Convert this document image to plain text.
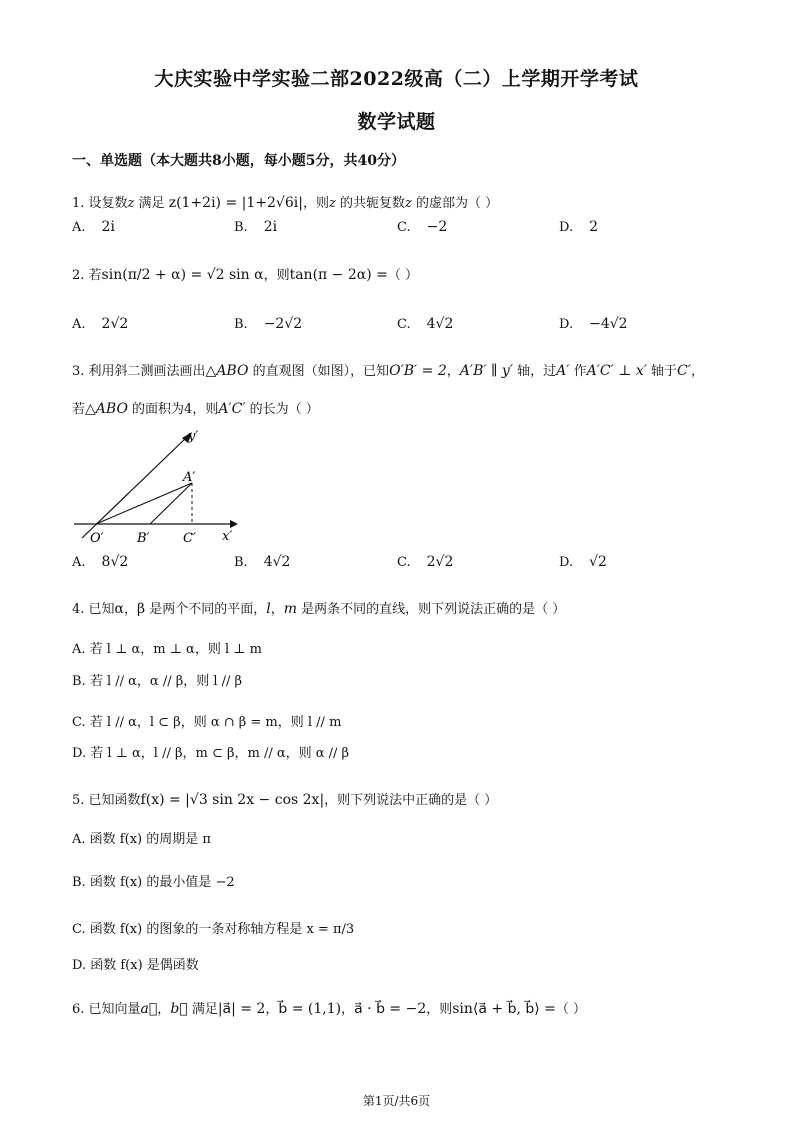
大庆实验中学实验二部2022级高（二）上学期开学考试
数学试题
一、单选题（本大题共8小题，每小题5分，共40分）
1. 设复数z 满足 z(1+2i) = |1+2√6i|，则z 的共轭复数z 的虚部为（ ）
A. 2i	B. 2i	C. −2	D. 2
2. 若sin(π/2 + α) = √2 sin α，则tan(π − 2α) =（ ）
A. 2√2	B. −2√2	C. 4√2	D. −4√2
3. 利用斜二测画法画出△ABO 的直观图（如图），已知O′B′ = 2，A′B′ ∥ y′ 轴，过A′ 作A′C′ ⊥ x′ 轴于C′，
若△ABO 的面积为4，则A′C′ 的长为（ ）
y′
x′
A′
O′	B′	C′
A. 8√2	B. 4√2	C. 2√2	D. √2
4. 已知α，β 是两个不同的平面，l，m 是两条不同的直线，则下列说法正确的是（ ）
A. 若 l ⊥ α，m ⊥ α，则 l ⊥ m
B. 若 l // α，α // β，则 l // β
C. 若 l // α，l ⊂ β，则 α ∩ β = m，则 l // m
D. 若 l ⊥ α，l // β，m ⊂ β，m // α，则 α // β
5. 已知函数f(x) = |√3 sin 2x − cos 2x|，则下列说法中正确的是（ ）
A. 函数 f(x) 的周期是 π
B. 函数 f(x) 的最小值是 −2
C. 函数 f(x) 的图象的一条对称轴方程是 x = π/3
D. 函数 f(x) 是偶函数
6. 已知向量a⃗，b⃗ 满足|a⃗| = 2，b⃗ = (1,1)，a⃗ · b⃗ = −2，则sin⟨a⃗ + b⃗, b⃗⟩ =（ ）
第1页/共6页
